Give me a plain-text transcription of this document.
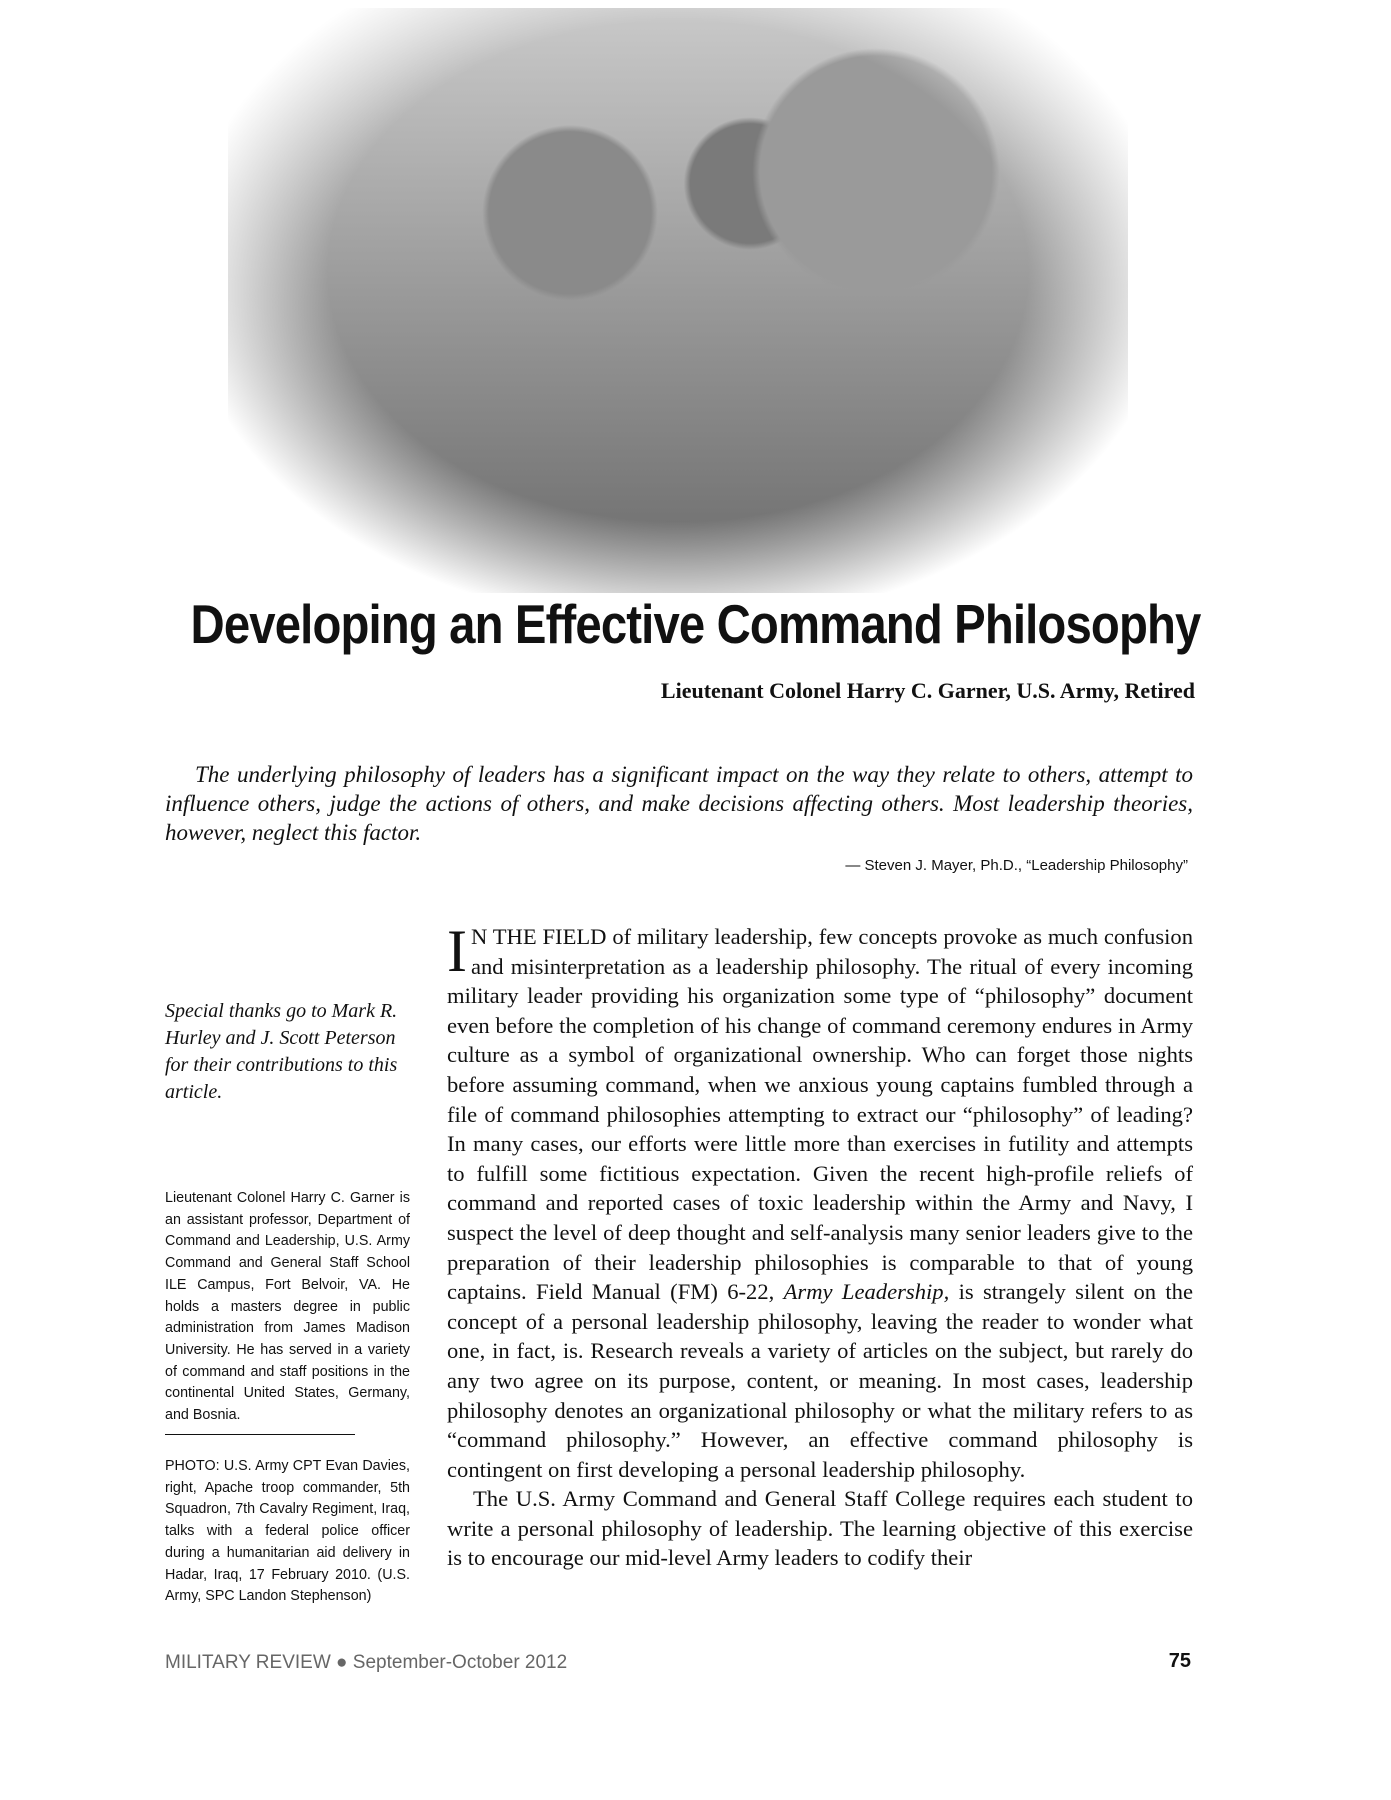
Developing an Effective Command Philosophy
Lieutenant Colonel Harry C. Garner, U.S. Army, Retired

The underlying philosophy of leaders has a significant impact on the way they relate to others, attempt to influence others, judge the actions of others, and make decisions affecting others. Most leadership theories, however, neglect this factor.

— Steven J. Mayer, Ph.D., “Leadership Philosophy”

Special thanks go to Mark R. Hurley and J. Scott Peterson for their contributions to this article.

Lieutenant Colonel Harry C. Garner is an assistant professor, Department of Command and Leadership, U.S. Army Command and General Staff School ILE Campus, Fort Belvoir, VA. He holds a masters degree in public administration from James Madison University. He has served in a variety of command and staff positions in the continental United States, Germany, and Bosnia.

PHOTO: U.S. Army CPT Evan Davies, right, Apache troop commander, 5th Squadron, 7th Cavalry Regiment, Iraq, talks with a federal police officer during a humanitarian aid delivery in Hadar, Iraq, 17 February 2010. (U.S. Army, SPC Landon Stephenson)

I N THE FIELD of military leadership, few concepts provoke as much confusion and misinterpretation as a leadership philosophy. The ritual of every incoming military leader providing his organization some type of “philosophy” document even before the completion of his change of command ceremony endures in Army culture as a symbol of organizational ownership. Who can forget those nights before assuming command, when we anxious young captains fumbled through a file of command philosophies attempting to extract our “philosophy” of leading? In many cases, our efforts were little more than exercises in futility and attempts to fulfill some fictitious expectation. Given the recent high-profile reliefs of command and reported cases of toxic leadership within the Army and Navy, I suspect the level of deep thought and self-analysis many senior leaders give to the preparation of their leadership philosophies is comparable to that of young captains. Field Manual (FM) 6-22, Army Leadership, is strangely silent on the concept of a personal leadership philosophy, leaving the reader to wonder what one, in fact, is. Research reveals a variety of articles on the subject, but rarely do any two agree on its purpose, content, or meaning. In most cases, leadership philosophy denotes an organizational philosophy or what the military refers to as “command philosophy.” However, an effective command philosophy is contingent on first developing a personal leadership philosophy.

The U.S. Army Command and General Staff College requires each student to write a personal philosophy of leadership. The learning objective of this exercise is to encourage our mid-level Army leaders to codify their

MILITARY REVIEW ● September-October 2012	75
